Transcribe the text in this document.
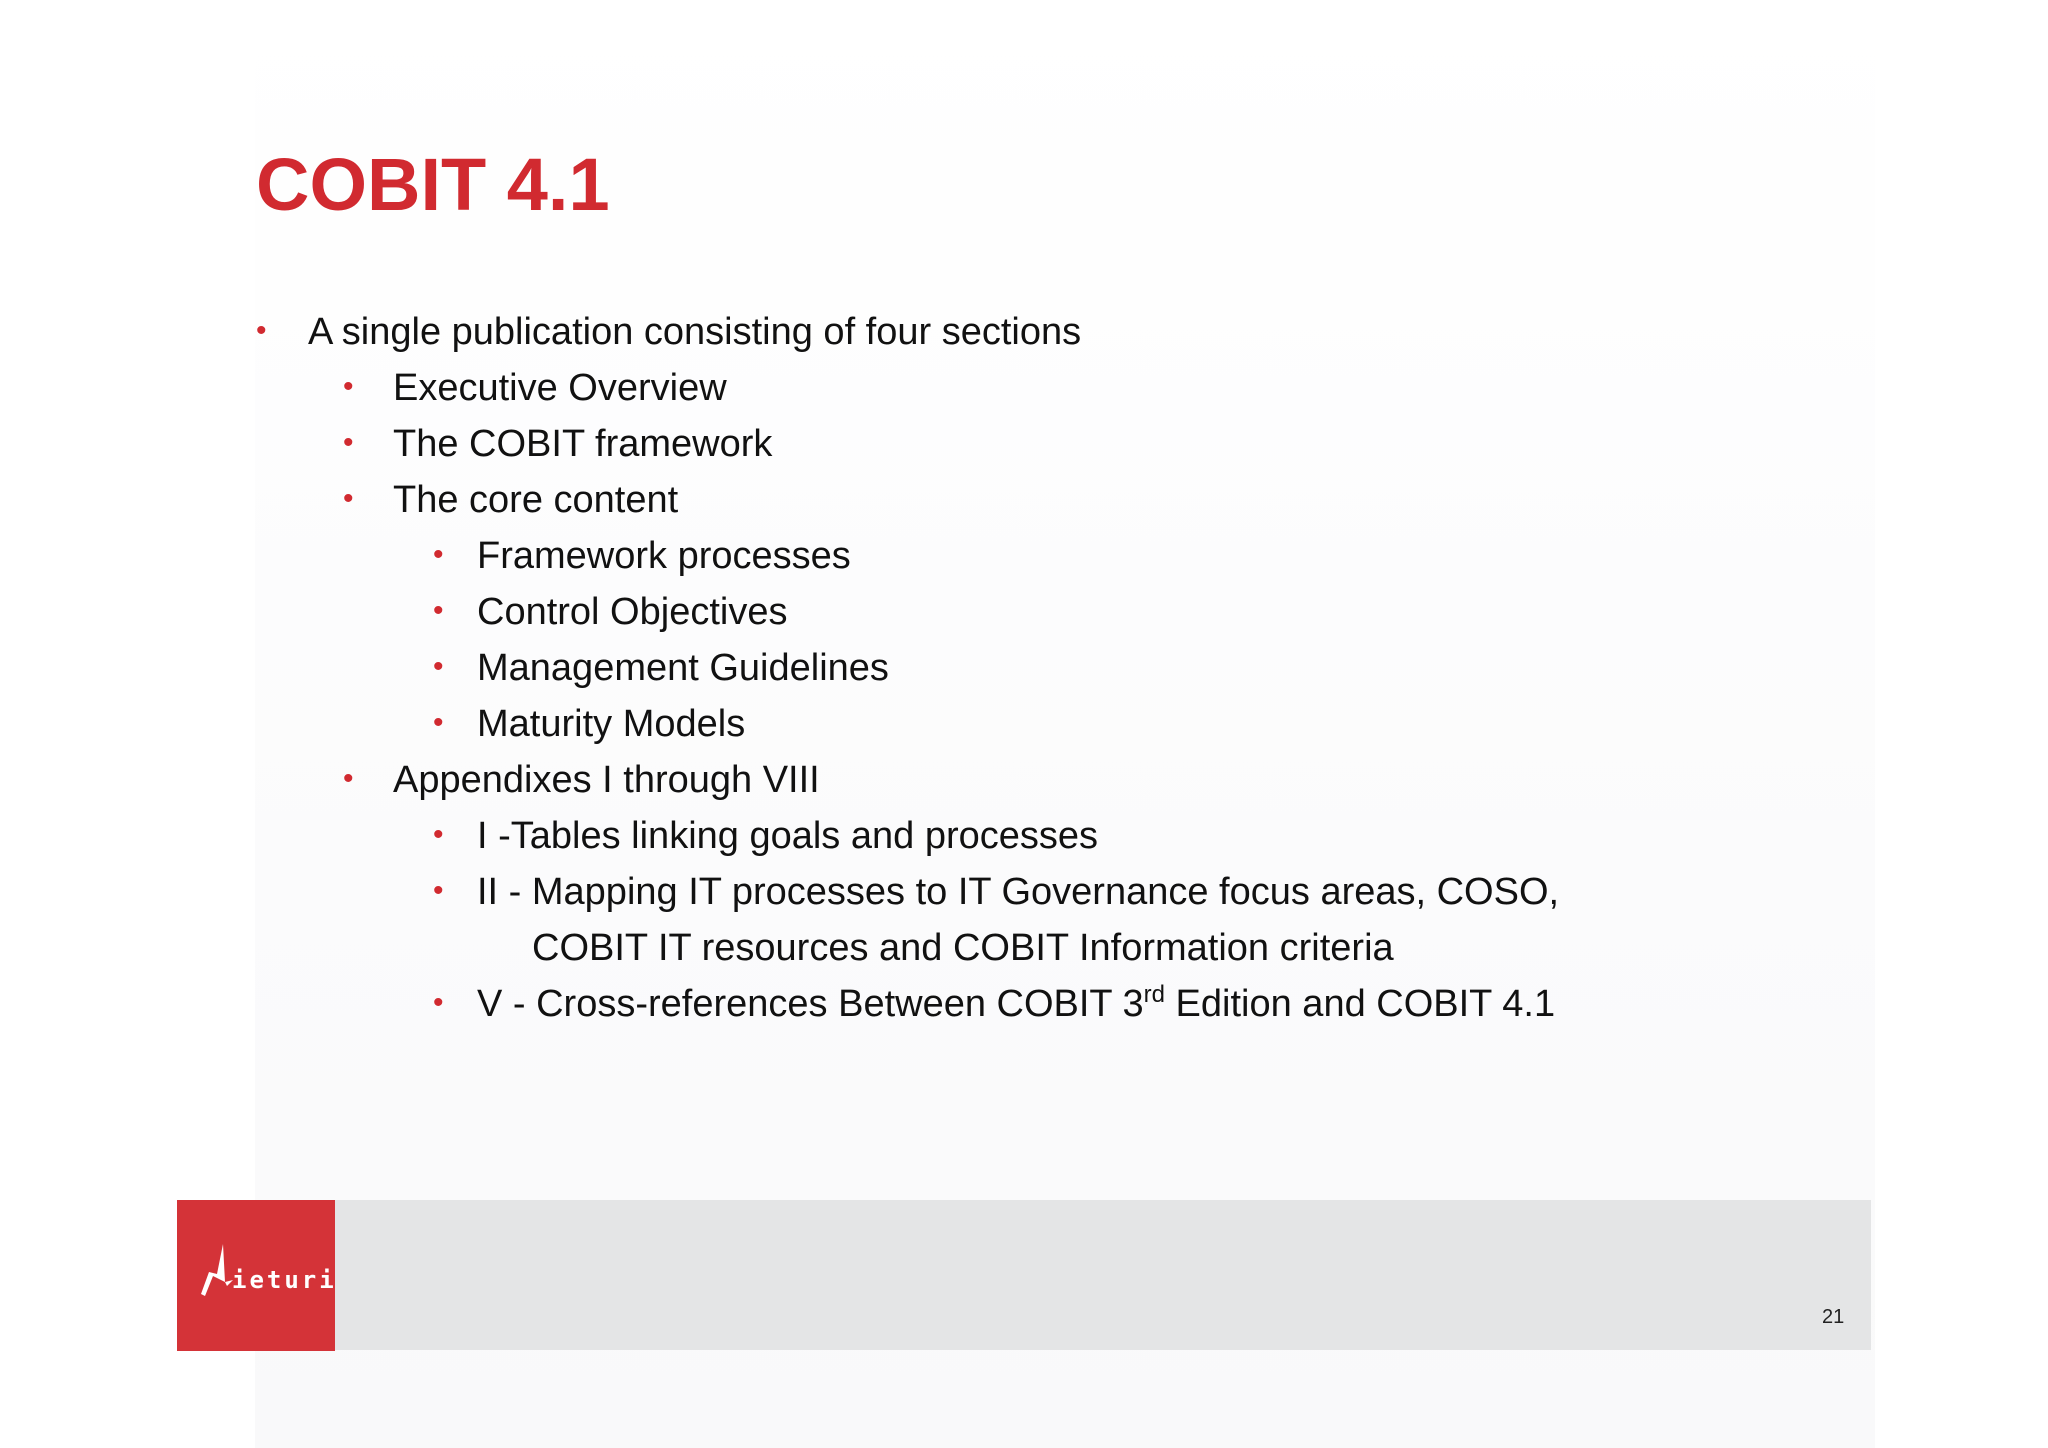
COBIT 4.1
• A single publication consisting of four sections
• Executive Overview
• The COBIT framework
• The core content
• Framework processes
• Control Objectives
• Management Guidelines
• Maturity Models
• Appendixes I through VIII
• I -Tables linking goals and processes
• II - Mapping IT processes to IT Governance focus areas, COSO,
COBIT IT resources and COBIT Information criteria
• V - Cross-references Between COBIT 3rd Edition and COBIT 4.1
ieturi
21
